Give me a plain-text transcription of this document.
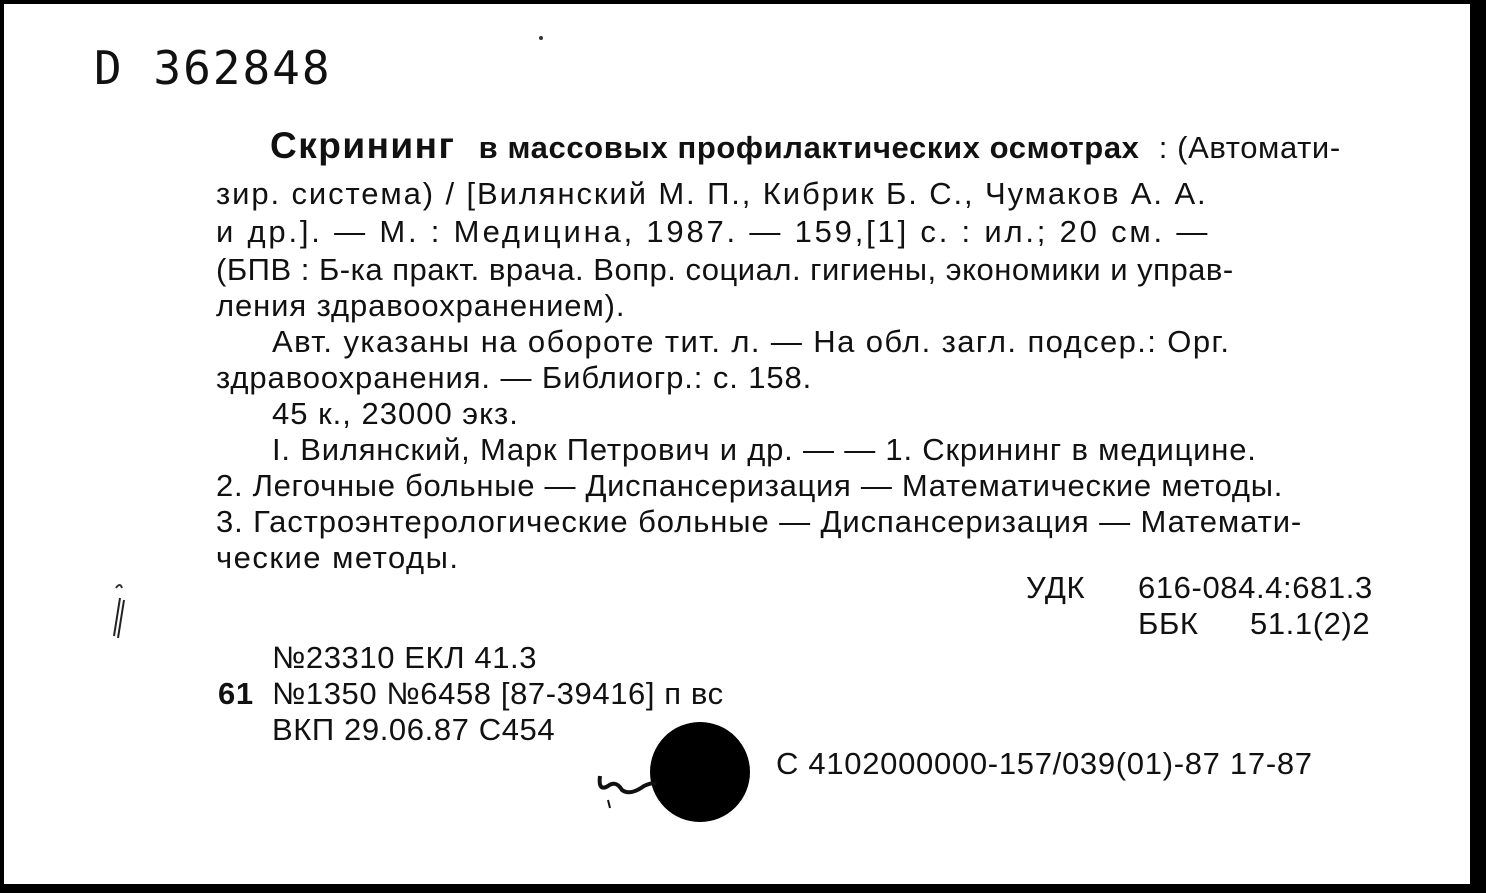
D 362848
Скрининг в массовых профилактических осмотрах : (Автомати-
зир. система) / [Вилянский М. П., Кибрик Б. С., Чумаков А. А.
и др.]. — М. : Медицина, 1987. — 159,[1] с. : ил.; 20 см. —
(БПВ : Б-ка практ. врача. Вопр. социал. гигиены, экономики и управ-
ления здравоохранением).
Авт. указаны на обороте тит. л. — На обл. загл. подсер.: Орг.
здравоохранения. — Библиогр.: с. 158.
45 к., 23000 экз.
I. Вилянский, Марк Петрович и др. — — 1. Скрининг в медицине.
2. Легочные больные — Диспансеризация — Математические методы.
3. Гастроэнтерологические больные — Диспансеризация — Математи-
ческие методы.
УДК 616-084.4:681.3
ББК 51.1(2)2
№23310 ЕКЛ 41.3
61 №1350 №6458 [87-39416] п вс
ВКП 29.06.87 С454
С 4102000000-157/039(01)-87 17-87
